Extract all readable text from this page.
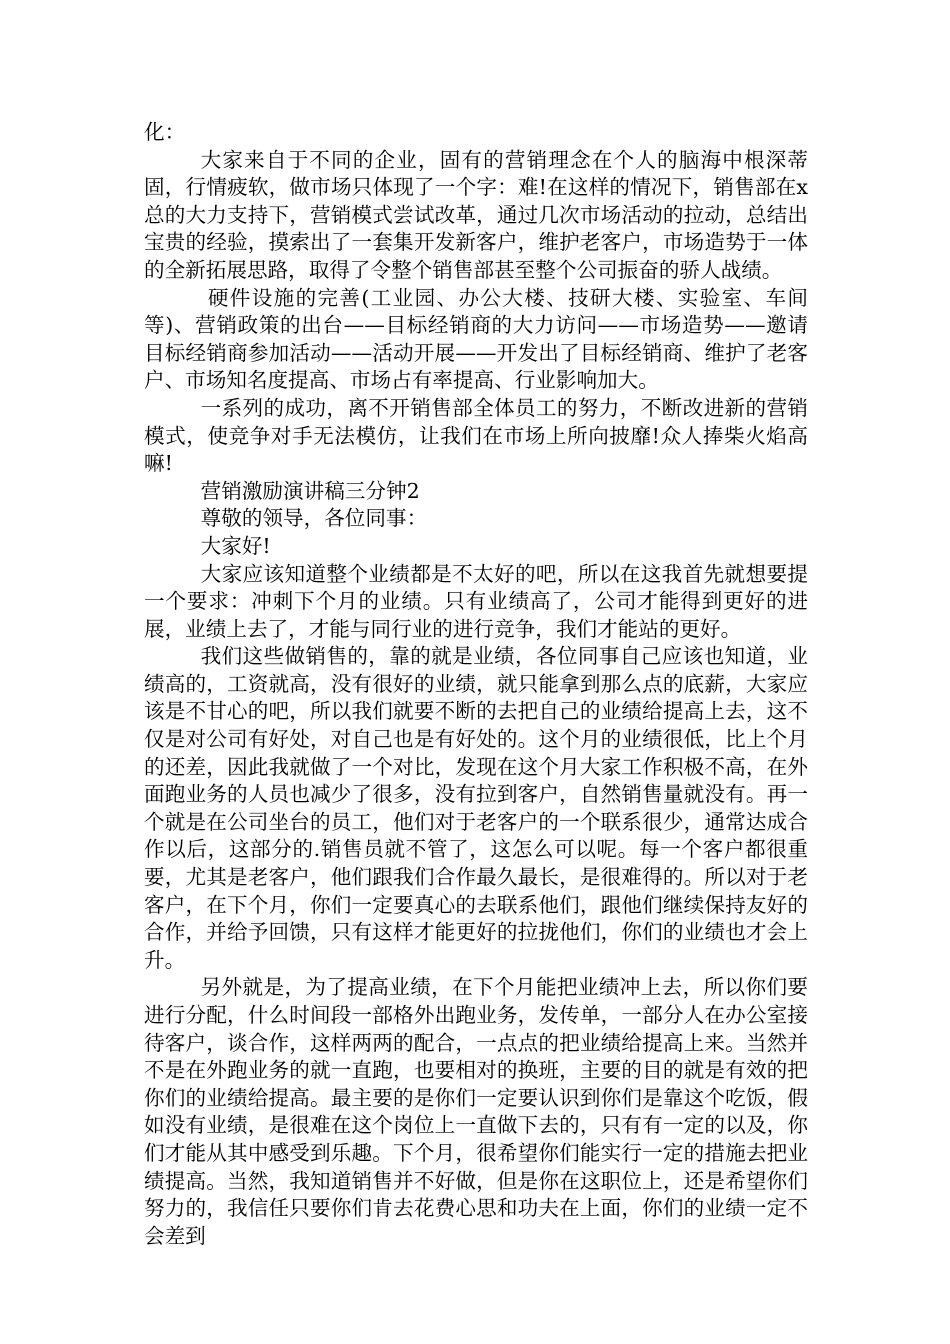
化：

大家来自于不同的企业，固有的营销理念在个人的脑海中根深蒂固，行情疲软，做市场只体现了一个字：难!在这样的情况下，销售部在x总的大力支持下，营销模式尝试改革，通过几次市场活动的拉动，总结出宝贵的经验，摸索出了一套集开发新客户，维护老客户，市场造势于一体的全新拓展思路，取得了令整个销售部甚至整个公司振奋的骄人战绩。

硬件设施的完善(工业园、办公大楼、技研大楼、实验室、车间等)、营销政策的出台——目标经销商的大力访问——市场造势——邀请目标经销商参加活动——活动开展——开发出了目标经销商、维护了老客户、市场知名度提高、市场占有率提高、行业影响加大。

一系列的成功，离不开销售部全体员工的努力，不断改进新的营销模式，使竞争对手无法模仿，让我们在市场上所向披靡!众人捧柴火焰高嘛!

营销激励演讲稿三分钟2

尊敬的领导，各位同事：

大家好!

大家应该知道整个业绩都是不太好的吧，所以在这我首先就想要提一个要求：冲刺下个月的业绩。只有业绩高了，公司才能得到更好的进展，业绩上去了，才能与同行业的进行竞争，我们才能站的更好。

我们这些做销售的，靠的就是业绩，各位同事自己应该也知道，业绩高的，工资就高，没有很好的业绩，就只能拿到那么点的底薪，大家应该是不甘心的吧，所以我们就要不断的去把自己的业绩给提高上去，这不仅是对公司有好处，对自己也是有好处的。这个月的业绩很低，比上个月的还差，因此我就做了一个对比，发现在这个月大家工作积极不高，在外面跑业务的人员也减少了很多，没有拉到客户，自然销售量就没有。再一个就是在公司坐台的员工，他们对于老客户的一个联系很少，通常达成合作以后，这部分的.销售员就不管了，这怎么可以呢。每一个客户都很重要，尤其是老客户，他们跟我们合作最久最长，是很难得的。所以对于老客户，在下个月，你们一定要真心的去联系他们，跟他们继续保持友好的合作，并给予回馈，只有这样才能更好的拉拢他们，你们的业绩也才会上升。

另外就是，为了提高业绩，在下个月能把业绩冲上去，所以你们要进行分配，什么时间段一部格外出跑业务，发传单，一部分人在办公室接待客户，谈合作，这样两两的配合，一点点的把业绩给提高上来。当然并不是在外跑业务的就一直跑，也要相对的换班，主要的目的就是有效的把你们的业绩给提高。最主要的是你们一定要认识到你们是靠这个吃饭，假如没有业绩，是很难在这个岗位上一直做下去的，只有有一定的以及，你们才能从其中感受到乐趣。下个月，很希望你们能实行一定的措施去把业绩提高。当然，我知道销售并不好做，但是你在这职位上，还是希望你们努力的，我信任只要你们肯去花费心思和功夫在上面，你们的业绩一定不会差到
